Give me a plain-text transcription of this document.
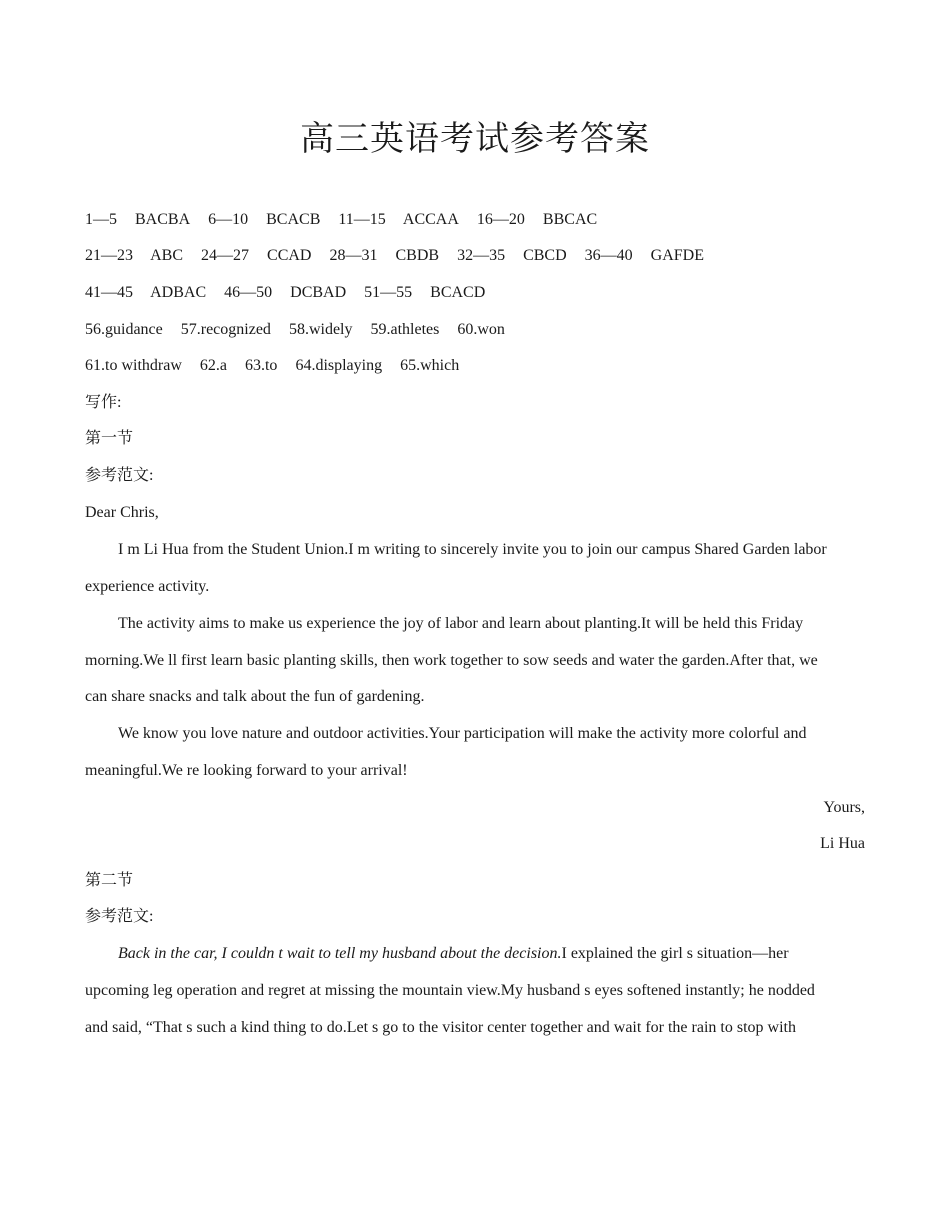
高三英语考试参考答案
1—5 BACBA 6—10 BCACB 11—15 ACCAA 16—20 BBCAC
21—23 ABC 24—27 CCAD 28—31 CBDB 32—35 CBCD 36—40 GAFDE
41—45 ADBAC 46—50 DCBAD 51—55 BCACD
56.guidance 57.recognized 58.widely 59.athletes 60.won
61.to withdraw 62.a 63.to 64.displaying 65.which
写作:
第一节
参考范文:
Dear Chris,
I m Li Hua from the Student Union.I m writing to sincerely invite you to join our campus Shared Garden labor
experience activity.
The activity aims to make us experience the joy of labor and learn about planting.It will be held this Friday
morning.We ll first learn basic planting skills, then work together to sow seeds and water the garden.After that, we
can share snacks and talk about the fun of gardening.
We know you love nature and outdoor activities.Your participation will make the activity more colorful and
meaningful.We re looking forward to your arrival!
Yours,
Li Hua
第二节
参考范文:
Back in the car, I couldn t wait to tell my husband about the decision.I explained the girl s situation—her
upcoming leg operation and regret at missing the mountain view.My husband s eyes softened instantly; he nodded
and said, “That s such a kind thing to do.Let s go to the visitor center together and wait for the rain to stop with
